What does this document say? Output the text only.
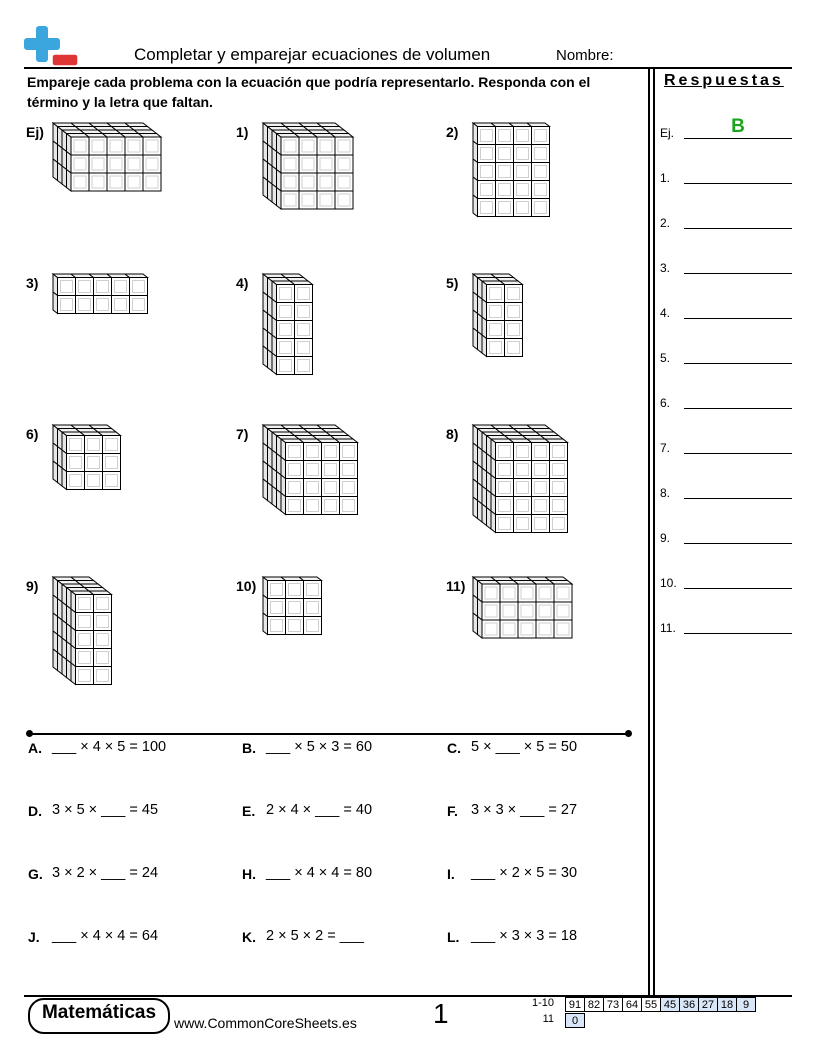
Completar y emparejar ecuaciones de volumen	Nombre:
Empareje cada problema con la ecuación que podría representarlo. Responda con el término y la letra que faltan.
Respuestas
Ej.	B
1.
2.
3.
4.
5.
6.
7.
8.
9.
10.
11.
Ej)	1)	2)
3)	4)	5)
6)	7)	8)
9)	10)	11)
A. ___ × 4 × 5 = 100	B. ___ × 5 × 3 = 60	C. 5 × ___ × 5 = 50
D. 3 × 5 × ___ = 45	E. 2 × 4 × ___ = 40	F. 3 × 3 × ___ = 27
G. 3 × 2 × ___ = 24	H. ___ × 4 × 4 = 80	I. ___ × 2 × 5 = 30
J. ___ × 4 × 4 = 64	K. 2 × 5 × 2 = ___	L. ___ × 3 × 3 = 18
Matemáticas	www.CommonCoreSheets.es	1	1-10	91 82 73 64 55 45 36 27 18 9
11	0
